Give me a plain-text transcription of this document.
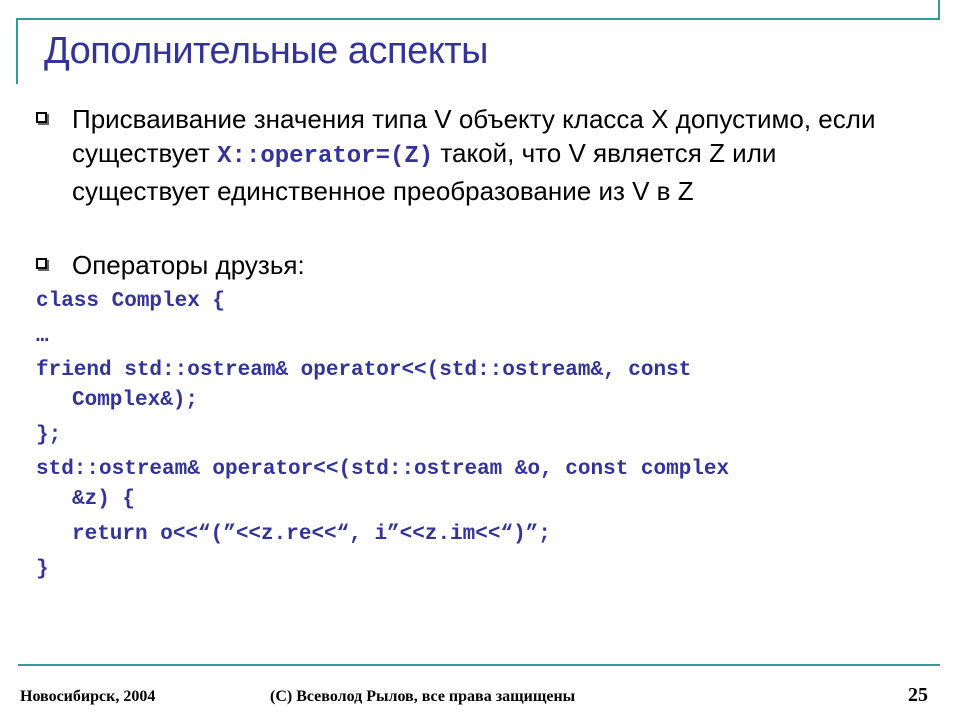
Дополнительные аспекты
Присваивание значения типа V объекту класса X допустимо, если существует X::operator=(Z) такой, что V является Z или существует единственное преобразование из V в Z
Операторы друзья:
class Complex {
…
friend std::ostream& operator<<(std::ostream&, const
Complex&);
};
std::ostream& operator<<(std::ostream &o, const complex
&z) {
return o<<“(”<<z.re<<“, i”<<z.im<<“)”;
}
Новосибирск, 2004	(C) Всеволод Рылов, все права защищены	25
